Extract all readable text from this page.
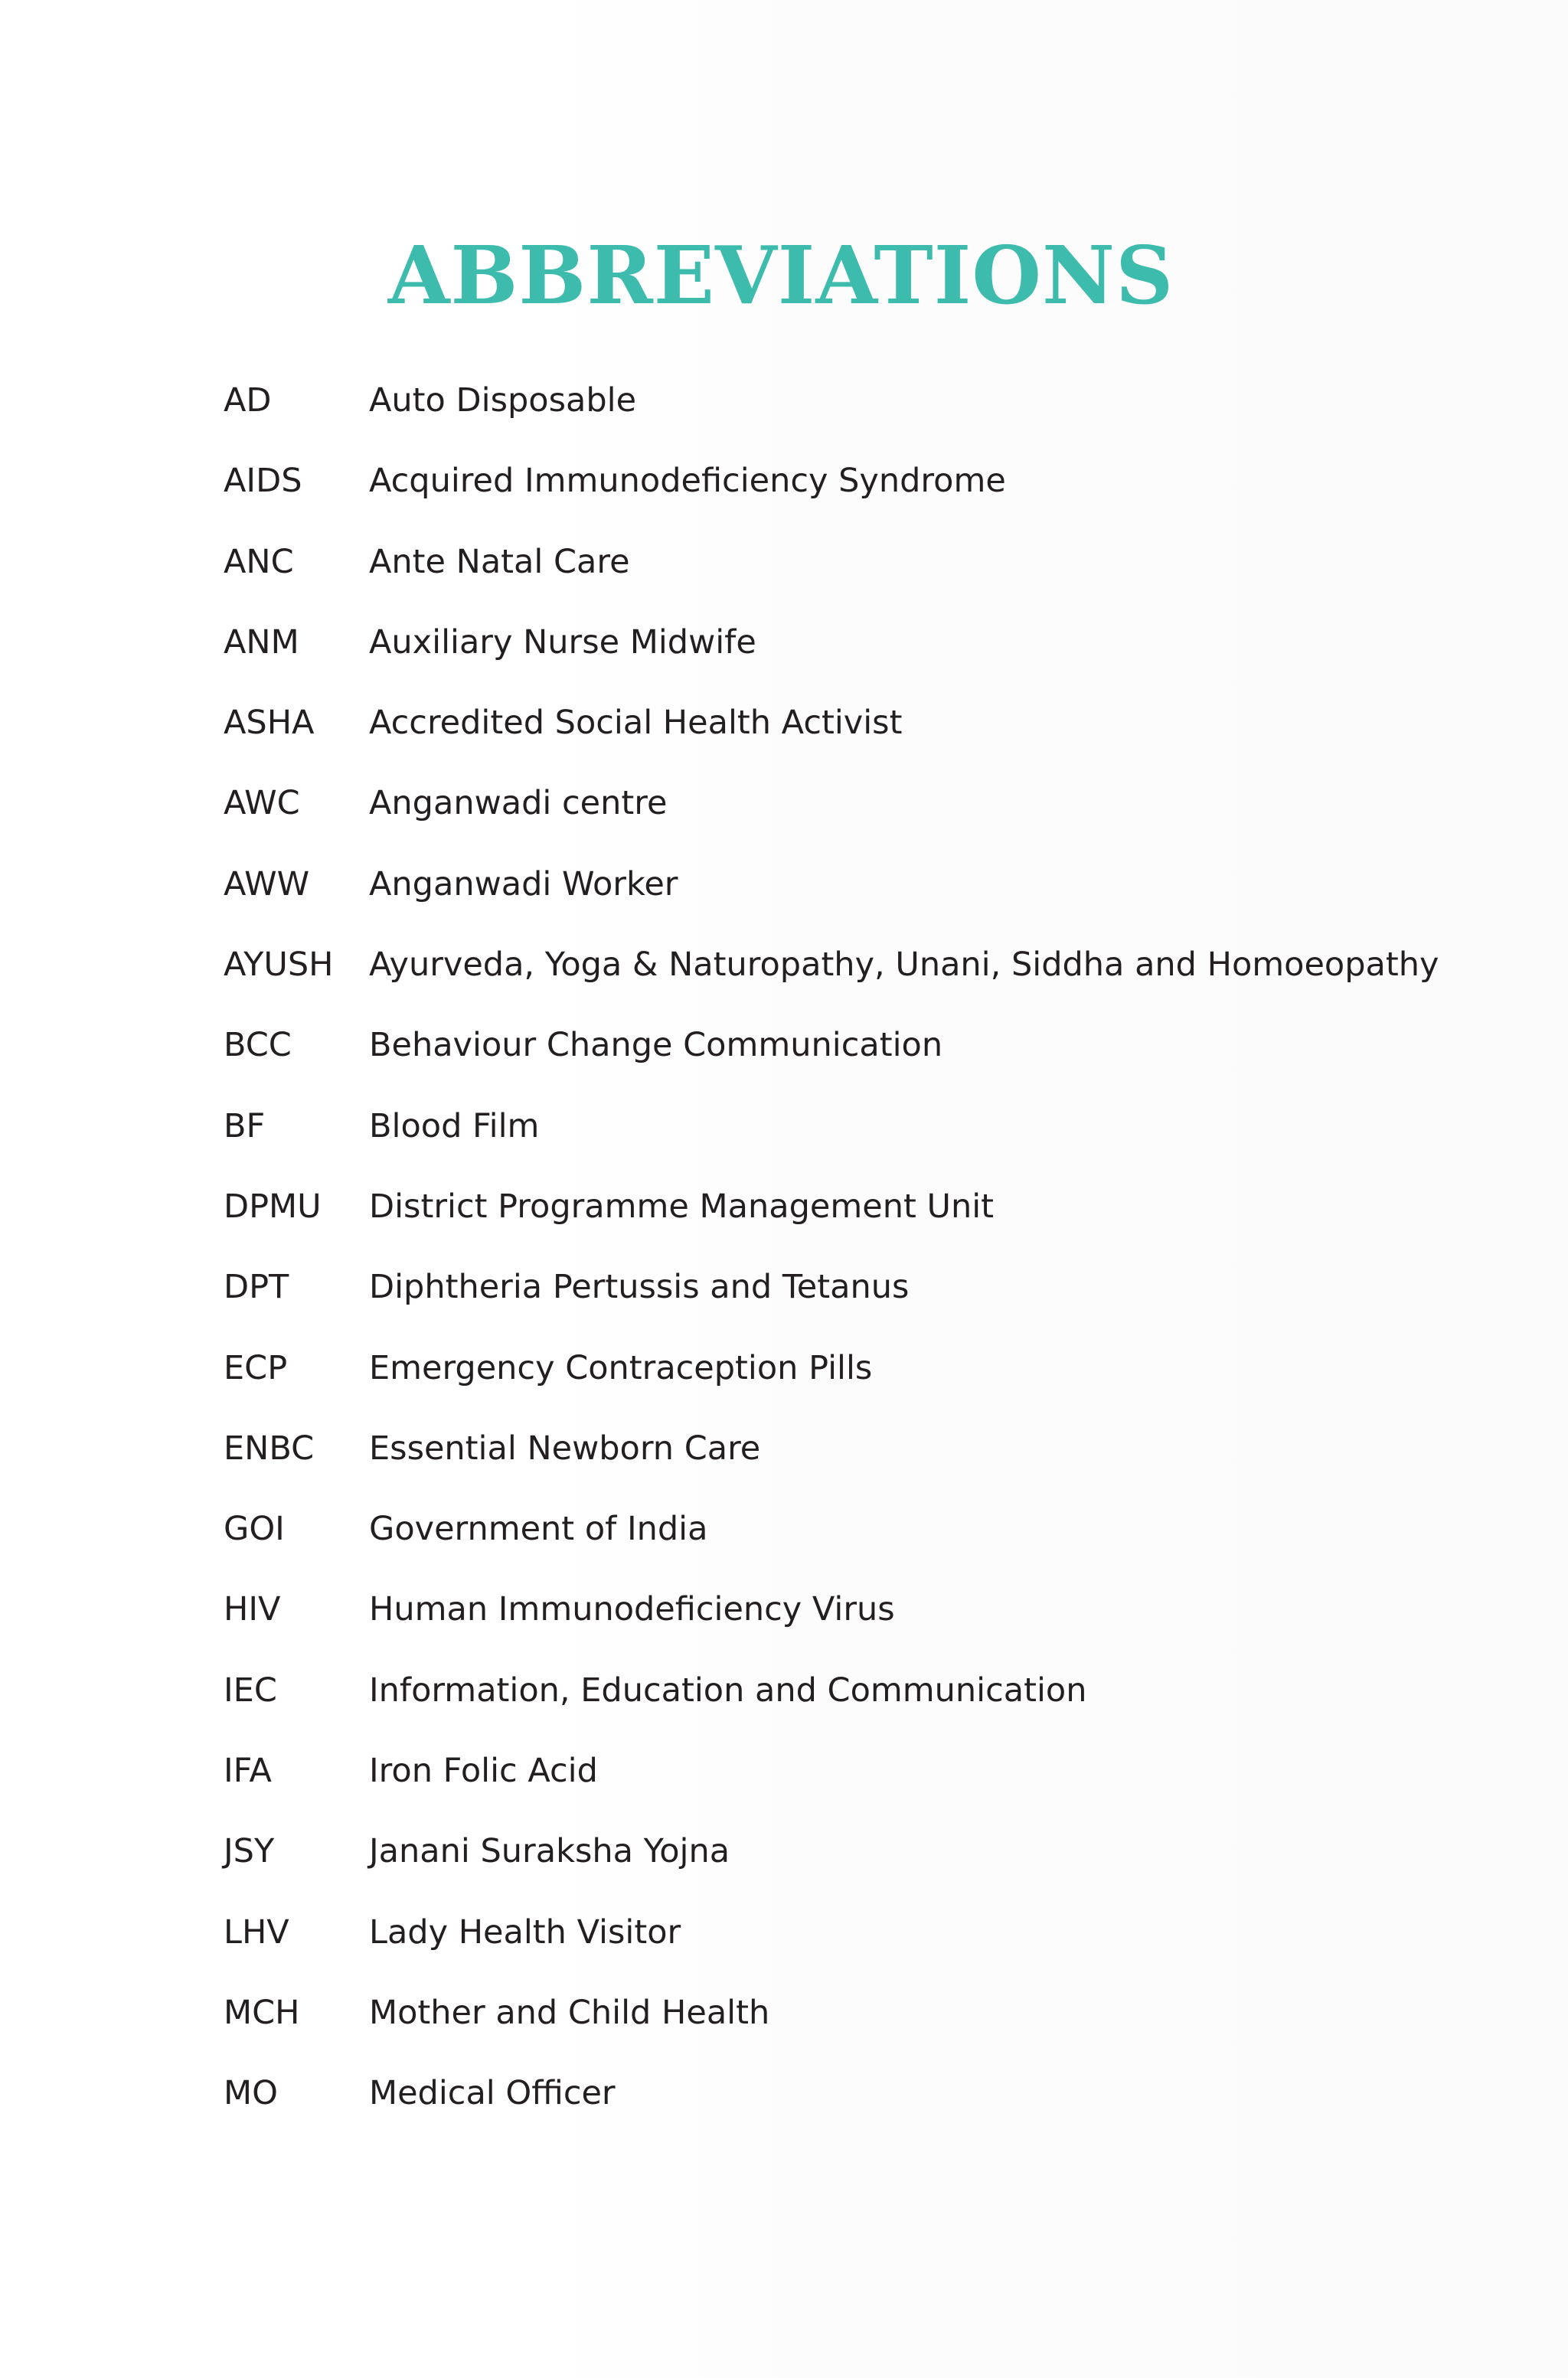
ABBREVIATIONS
AD	Auto Disposable
AIDS	Acquired Immunodeficiency Syndrome
ANC	Ante Natal Care
ANM	Auxiliary Nurse Midwife
ASHA	Accredited Social Health Activist
AWC	Anganwadi centre
AWW	Anganwadi Worker
AYUSH	Ayurveda, Yoga & Naturopathy, Unani, Siddha and Homoeopathy
BCC	Behaviour Change Communication
BF	Blood Film
DPMU	District Programme Management Unit
DPT	Diphtheria Pertussis and Tetanus
ECP	Emergency Contraception Pills
ENBC	Essential Newborn Care
GOI	Government of India
HIV	Human Immunodeficiency Virus
IEC	Information, Education and Communication
IFA	Iron Folic Acid
JSY	Janani Suraksha Yojna
LHV	Lady Health Visitor
MCH	Mother and Child Health
MO	Medical Officer
